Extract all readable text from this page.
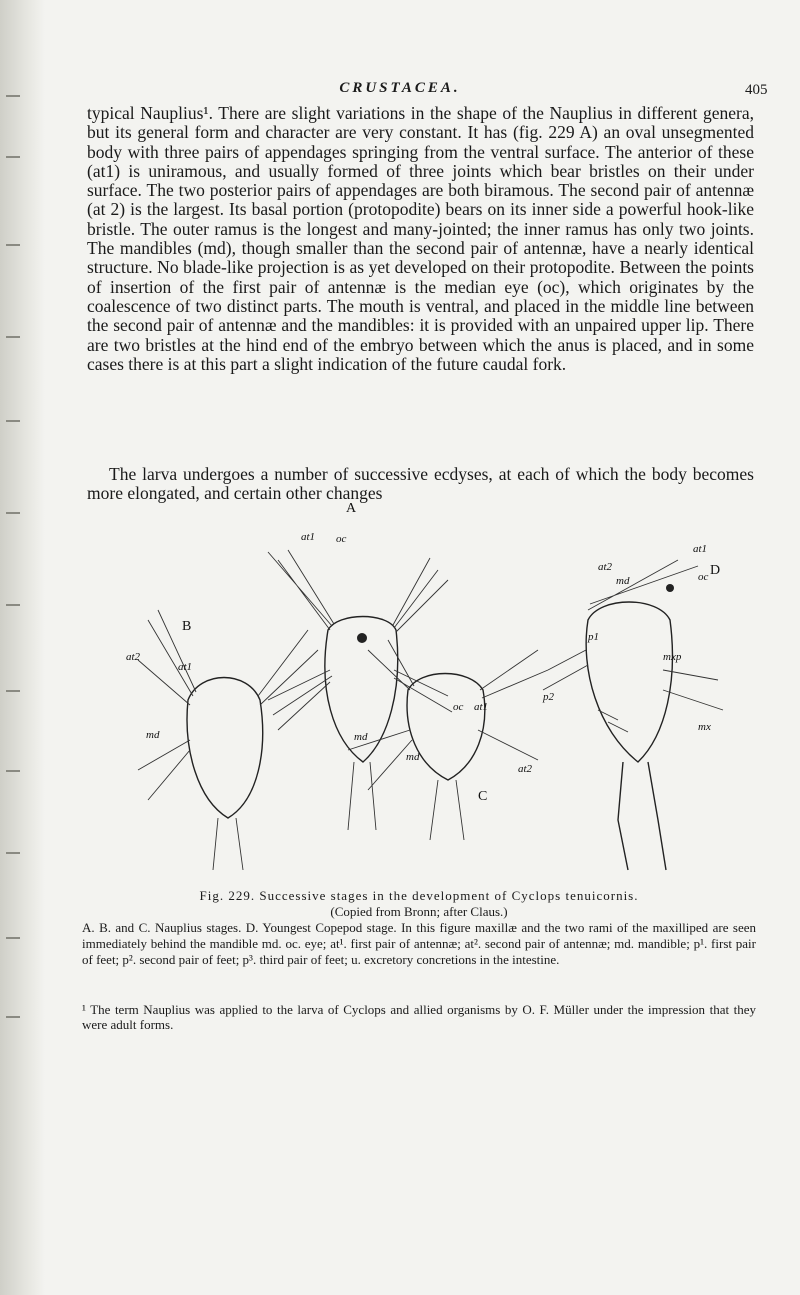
CRUSTACEA.	405

typical Nauplius¹. There are slight variations in the shape of the Nauplius in different genera, but its general form and character are very constant. It has (fig. 229 A) an oval unsegmented body with three pairs of appendages springing from the ventral surface. The anterior of these (at1) is uniramous, and usually formed of three joints which bear bristles on their under surface. The two posterior pairs of appendages are both biramous. The second pair of antennæ (at 2) is the largest. Its basal portion (protopodite) bears on its inner side a powerful hook-like bristle. The outer ramus is the longest and many-jointed; the inner ramus has only two joints. The mandibles (md), though smaller than the second pair of antennæ, have a nearly identical structure. No blade-like projection is as yet developed on their protopodite. Between the points of insertion of the first pair of antennæ is the median eye (oc), which originates by the coalescence of two distinct parts. The mouth is ventral, and placed in the middle line between the second pair of antennæ and the mandibles: it is provided with an unpaired upper lip. There are two bristles at the hind end of the embryo between which the anus is placed, and in some cases there is at this part a slight indication of the future caudal fork.

The larva undergoes a number of successive ecdyses, at each of which the body becomes more elongated, and certain other changes

A
at1 oc
md
B
at2
at1
md
C
oc at1
md
at2
D
at1
at2
oc
md
p1
p2
mxp
mx

Fig. 229. Successive stages in the development of Cyclops tenuicornis.
(Copied from Bronn; after Claus.)
A. B. and C. Nauplius stages. D. Youngest Copepod stage. In this figure maxillæ and the two rami of the maxilliped are seen immediately behind the mandible md. oc. eye; at¹. first pair of antennæ; at². second pair of antennæ; md. mandible; p¹. first pair of feet; p². second pair of feet; p³. third pair of feet; u. excretory concretions in the intestine.

¹ The term Nauplius was applied to the larva of Cyclops and allied organisms by O. F. Müller under the impression that they were adult forms.
